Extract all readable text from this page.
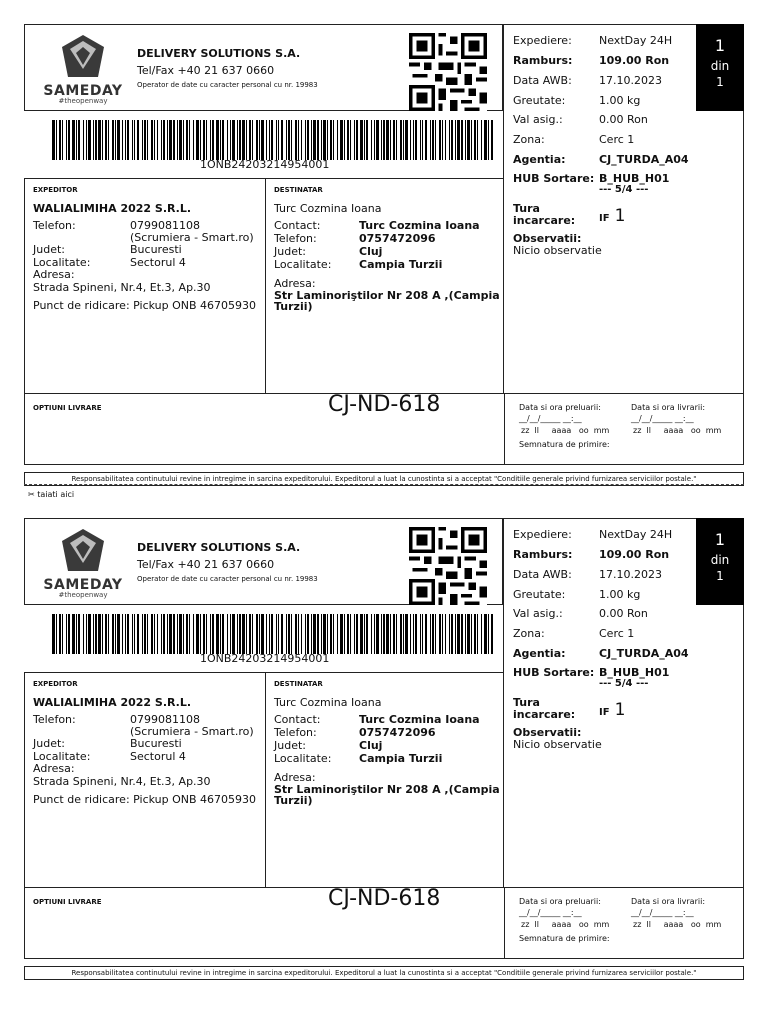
SAMEDAY
#theopenway
DELIVERY SOLUTIONS S.A.
Tel/Fax +40 21 637 0660
Operator de date cu caracter personal cu nr. 19983
1ONB24203214954001
1
din
1
Expediere: NextDay 24H
Ramburs: 109.00 Ron
Data AWB: 17.10.2023
Greutate:	1.00 kg
Val asig.:	0.00 Ron
Zona:	Cerc 1
Agentia:	CJ_TURDA_A04
HUB Sortare: B_HUB_H01
--- 5/4 ---
Tura
incarcare: IF 1
Observatii:
Nicio observatie
EXPEDITOR
WALIALIMIHA 2022 S.R.L.
Telefon:	0799081108
(Scrumiera - Smart.ro)
Judet:	Bucuresti
Localitate:	Sectorul 4
Adresa:
Strada Spineni, Nr.4, Et.3, Ap.30
Punct de ridicare: Pickup ONB 46705930
DESTINATAR
Turc Cozmina Ioana
Contact:	Turc Cozmina Ioana
Telefon:	0757472096
Judet:	Cluj
Localitate:	Campia Turzii
Adresa:
Str Laminoriştilor Nr 208 A ,(Campia
Turzii)
OPTIUNI LIVRARE	CJ-ND-618	Data si ora preluarii:	Data si ora livrarii:
__/__/_____ __:__	__/__/_____ __:__
zz  ll     aaaa   oo  mm	zz  ll     aaaa   oo  mm
Semnatura de primire:
Responsabilitatea continutului revine in intregime in sarcina expeditorului. Expeditorul a luat la cunostinta si a acceptat "Conditiile generale privind furnizarea serviciilor postale."
✂ taiati aici
SAMEDAY
#theopenway
DELIVERY SOLUTIONS S.A.
Tel/Fax +40 21 637 0660
Operator de date cu caracter personal cu nr. 19983
1ONB24203214954001
1
din
1
Expediere: NextDay 24H
Ramburs: 109.00 Ron
Data AWB: 17.10.2023
Greutate:	1.00 kg
Val asig.:	0.00 Ron
Zona:	Cerc 1
Agentia:	CJ_TURDA_A04
HUB Sortare: B_HUB_H01
--- 5/4 ---
Tura
incarcare: IF 1
Observatii:
Nicio observatie
EXPEDITOR
WALIALIMIHA 2022 S.R.L.
Telefon:	0799081108
(Scrumiera - Smart.ro)
Judet:	Bucuresti
Localitate:	Sectorul 4
Adresa:
Strada Spineni, Nr.4, Et.3, Ap.30
Punct de ridicare: Pickup ONB 46705930
DESTINATAR
Turc Cozmina Ioana
Contact:	Turc Cozmina Ioana
Telefon:	0757472096
Judet:	Cluj
Localitate:	Campia Turzii
Adresa:
Str Laminoriştilor Nr 208 A ,(Campia
Turzii)
OPTIUNI LIVRARE	CJ-ND-618	Data si ora preluarii:	Data si ora livrarii:
__/__/_____ __:__	__/__/_____ __:__
zz  ll     aaaa   oo  mm	zz  ll     aaaa   oo  mm
Semnatura de primire:
Responsabilitatea continutului revine in intregime in sarcina expeditorului. Expeditorul a luat la cunostinta si a acceptat "Conditiile generale privind furnizarea serviciilor postale."
